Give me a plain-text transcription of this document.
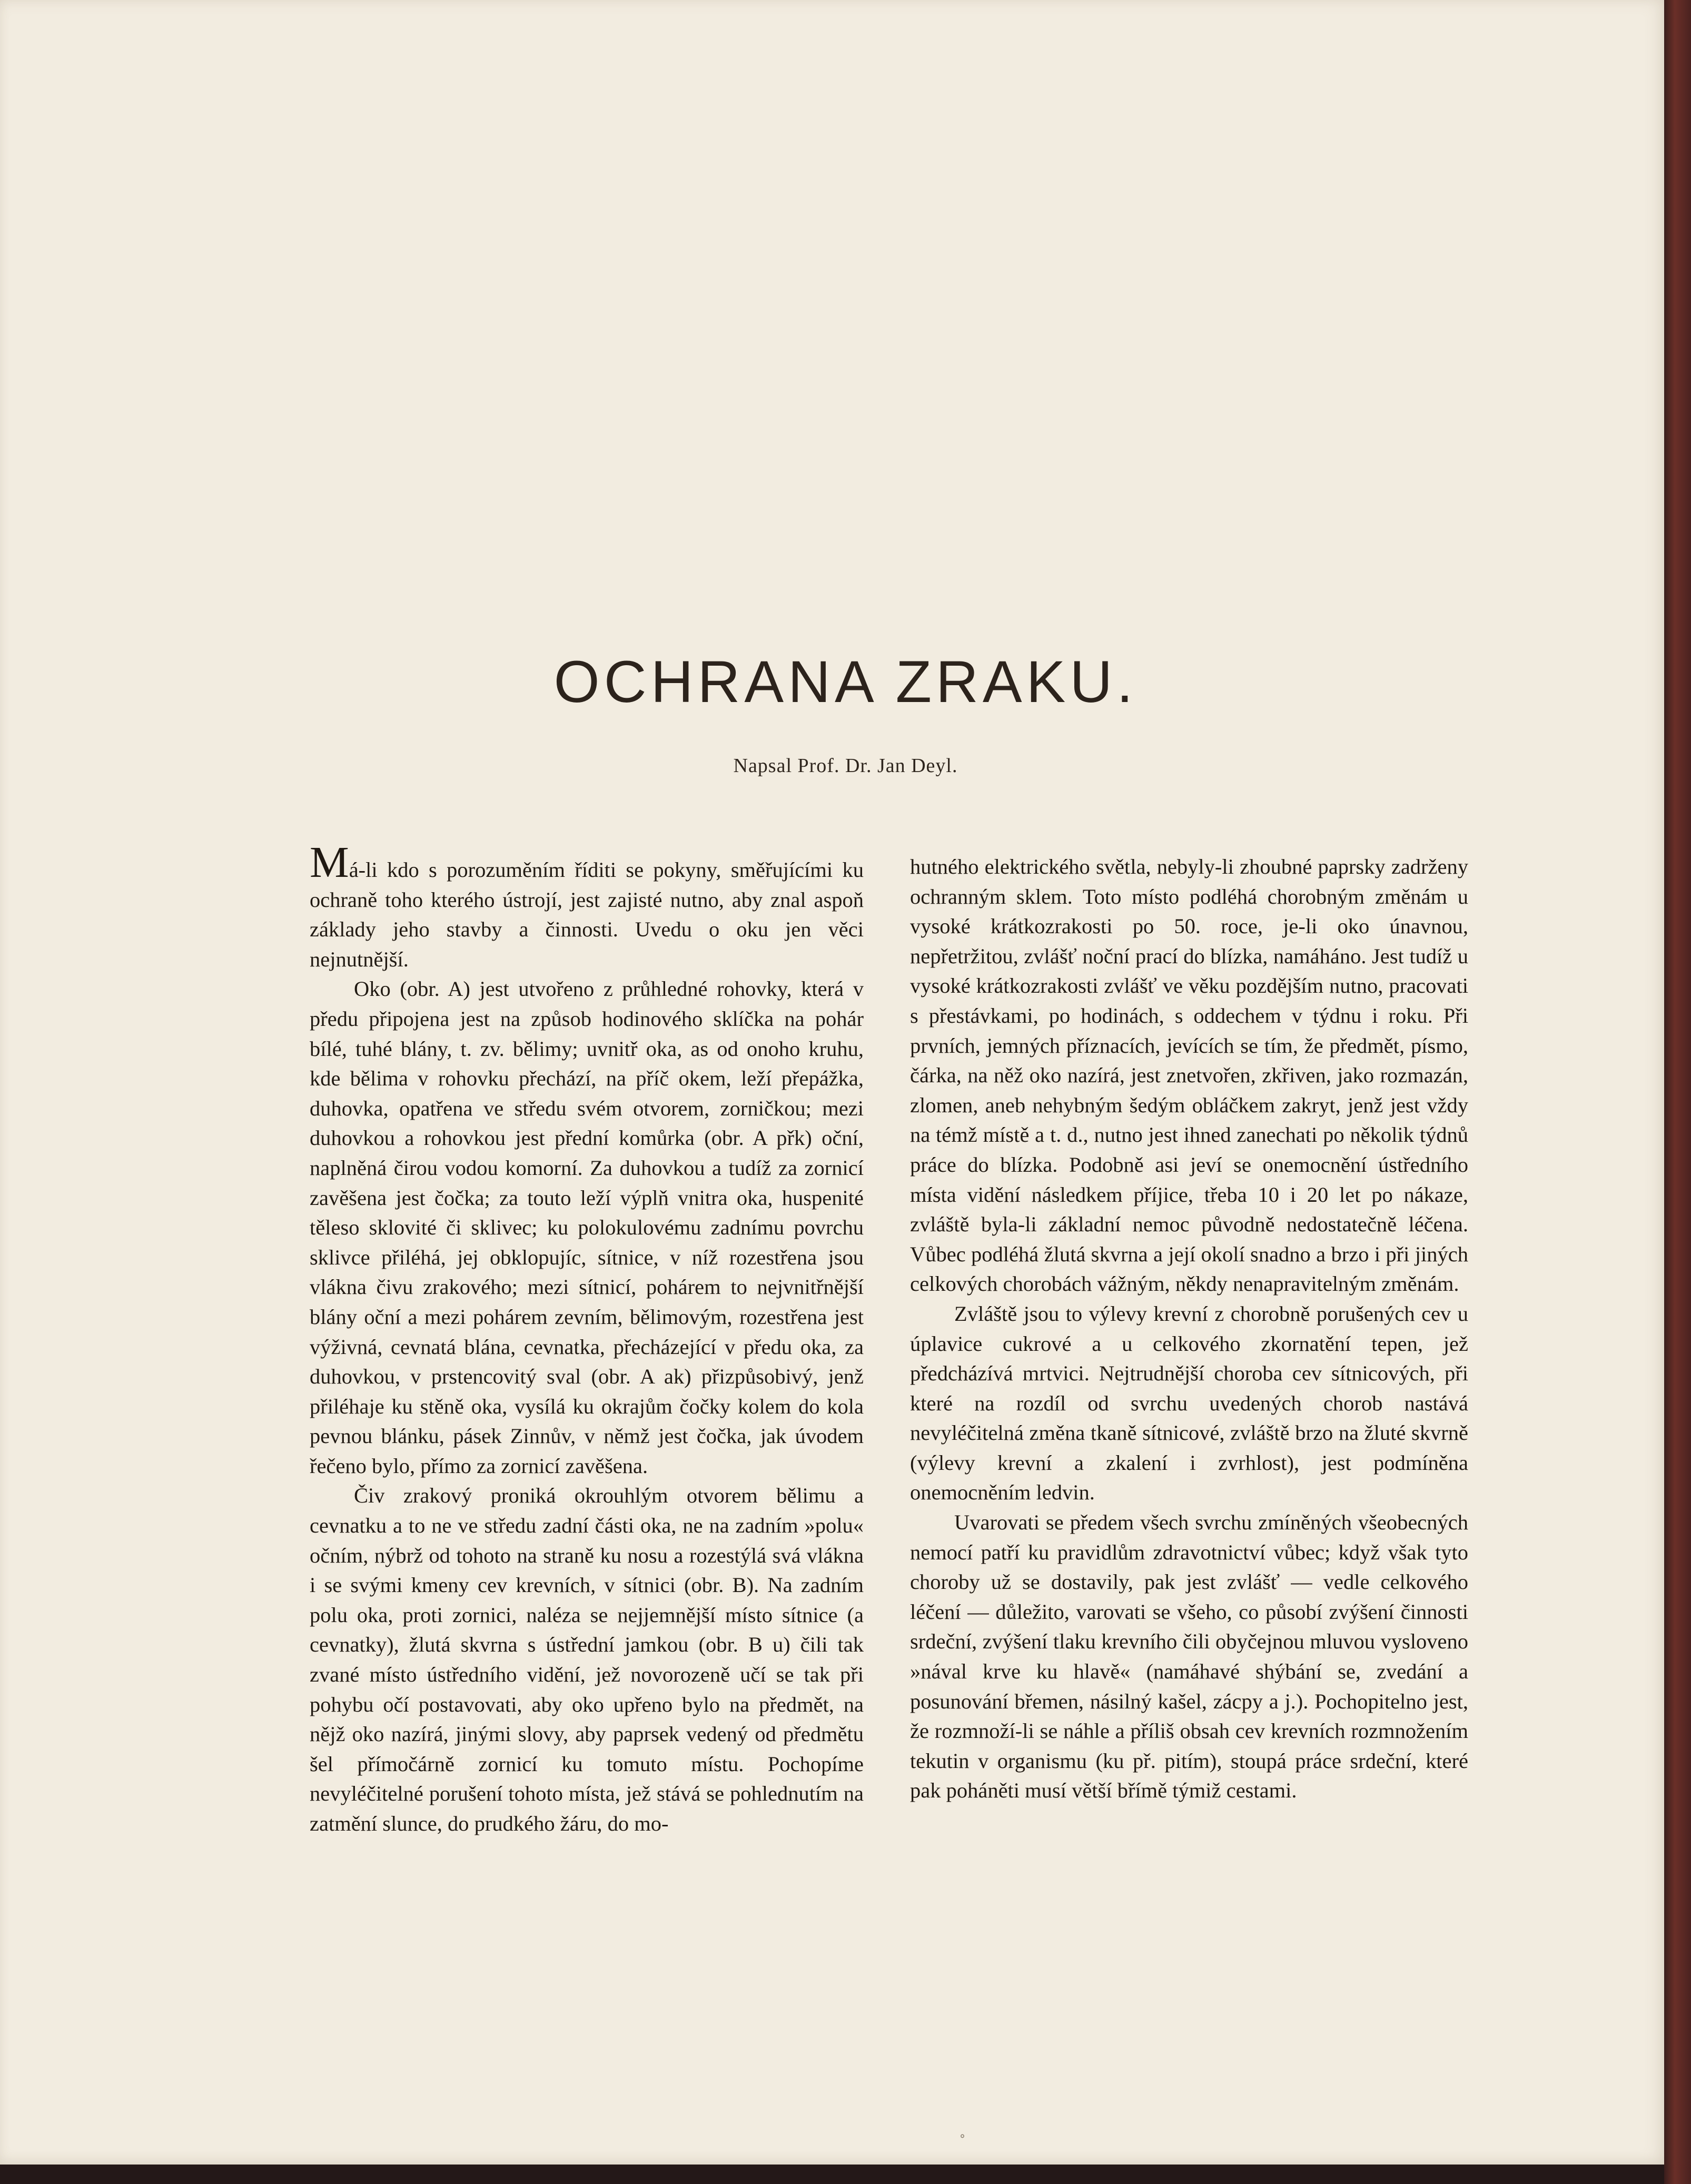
OCHRANA ZRAKU.
Napsal Prof. Dr. Jan Deyl.

Má-li kdo s porozuměním říditi se pokyny, směřujícími ku ochraně toho kterého ústrojí, jest zajisté nutno, aby znal aspoň základy jeho stavby a činnosti. Uvedu o oku jen věci nejnutnější.

Oko (obr. A) jest utvořeno z průhledné rohovky, která v předu připojena jest na způsob hodinového sklíčka na pohár bílé, tuhé blány, t. zv. bělimy; uvnitř oka, as od onoho kruhu, kde bělima v rohovku přechází, na příč okem, leží přepážka, duhovka, opatřena ve středu svém otvorem, zorničkou; mezi duhovkou a rohovkou jest přední komůrka (obr. A přk) oční, naplněná čirou vodou komorní. Za duhovkou a tudíž za zornicí zavěšena jest čočka; za touto leží výplň vnitra oka, huspenité těleso sklovité či sklivec; ku polokulovému zadnímu povrchu sklivce přiléhá, jej obklopujíc, sítnice, v níž rozestřena jsou vlákna čivu zrakového; mezi sítnicí, pohárem to nejvnitřnější blány oční a mezi pohárem zevním, bělimovým, rozestřena jest výživná, cevnatá blána, cevnatka, přecházející v předu oka, za duhovkou, v prstencovitý sval (obr. A ak) přizpůsobivý, jenž přiléhaje ku stěně oka, vysílá ku okrajům čočky kolem do kola pevnou blánku, pásek Zinnův, v němž jest čočka, jak úvodem řečeno bylo, přímo za zornicí zavěšena.

Čiv zrakový proniká okrouhlým otvorem bělimu a cevnatku a to ne ve středu zadní části oka, ne na zadním »polu« očním, nýbrž od tohoto na straně ku nosu a rozestýlá svá vlákna i se svými kmeny cev krevních, v sítnici (obr. B). Na zadním polu oka, proti zornici, naléza se nejjemnější místo sítnice (a cevnatky), žlutá skvrna s ústřední jamkou (obr. B u) čili tak zvané místo ústředního vidění, jež novorozeně učí se tak při pohybu očí postavovati, aby oko upřeno bylo na předmět, na nějž oko nazírá, jinými slovy, aby paprsek vedený od předmětu šel přímočárně zornicí ku tomuto místu. Pochopíme nevyléčitelné porušení tohoto místa, jež stává se pohlednutím na zatmění slunce, do prudkého žáru, do mo-

hutného elektrického světla, nebyly-li zhoubné paprsky zadrženy ochranným sklem. Toto místo podléhá chorobným změnám u vysoké krátkozrakosti po 50. roce, je-li oko únavnou, nepřetržitou, zvlášť noční prací do blízka, namáháno. Jest tudíž u vysoké krátkozrakosti zvlášť ve věku pozdějším nutno, pracovati s přestávkami, po hodinách, s oddechem v týdnu i roku. Při prvních, jemných příznacích, jevících se tím, že předmět, písmo, čárka, na něž oko nazírá, jest znetvořen, zkřiven, jako rozmazán, zlomen, aneb nehybným šedým obláčkem zakryt, jenž jest vždy na témž místě a t. d., nutno jest ihned zanechati po několik týdnů práce do blízka. Podobně asi jeví se onemocnění ústředního místa vidění následkem příjice, třeba 10 i 20 let po nákaze, zvláště byla-li základní nemoc původně nedostatečně léčena. Vůbec podléhá žlutá skvrna a její okolí snadno a brzo i při jiných celkových chorobách vážným, někdy nenapravitelným změnám.

Zvláště jsou to výlevy krevní z chorobně porušených cev u úplavice cukrové a u celkového zkornatění tepen, jež předcházívá mrtvici. Nejtrudnější choroba cev sítnicových, při které na rozdíl od svrchu uvedených chorob nastává nevyléčitelná změna tkaně sítnicové, zvláště brzo na žluté skvrně (výlevy krevní a zkalení i zvrhlost), jest podmíněna onemocněním ledvin.

Uvarovati se předem všech svrchu zmíněných všeobecných nemocí patří ku pravidlům zdravotnictví vůbec; když však tyto choroby už se dostavily, pak jest zvlášť — vedle celkového léčení — důležito, varovati se všeho, co působí zvýšení činnosti srdeční, zvýšení tlaku krevního čili obyčejnou mluvou vysloveno »nával krve ku hlavě« (namáhavé shýbání se, zvedání a posunování břemen, násilný kašel, zácpy a j.). Pochopitelno jest, že rozmnoží-li se náhle a příliš obsah cev krevních rozmnožením tekutin v organismu (ku př. pitím), stoupá práce srdeční, které pak poháněti musí větší břímě týmiž cestami.

°
